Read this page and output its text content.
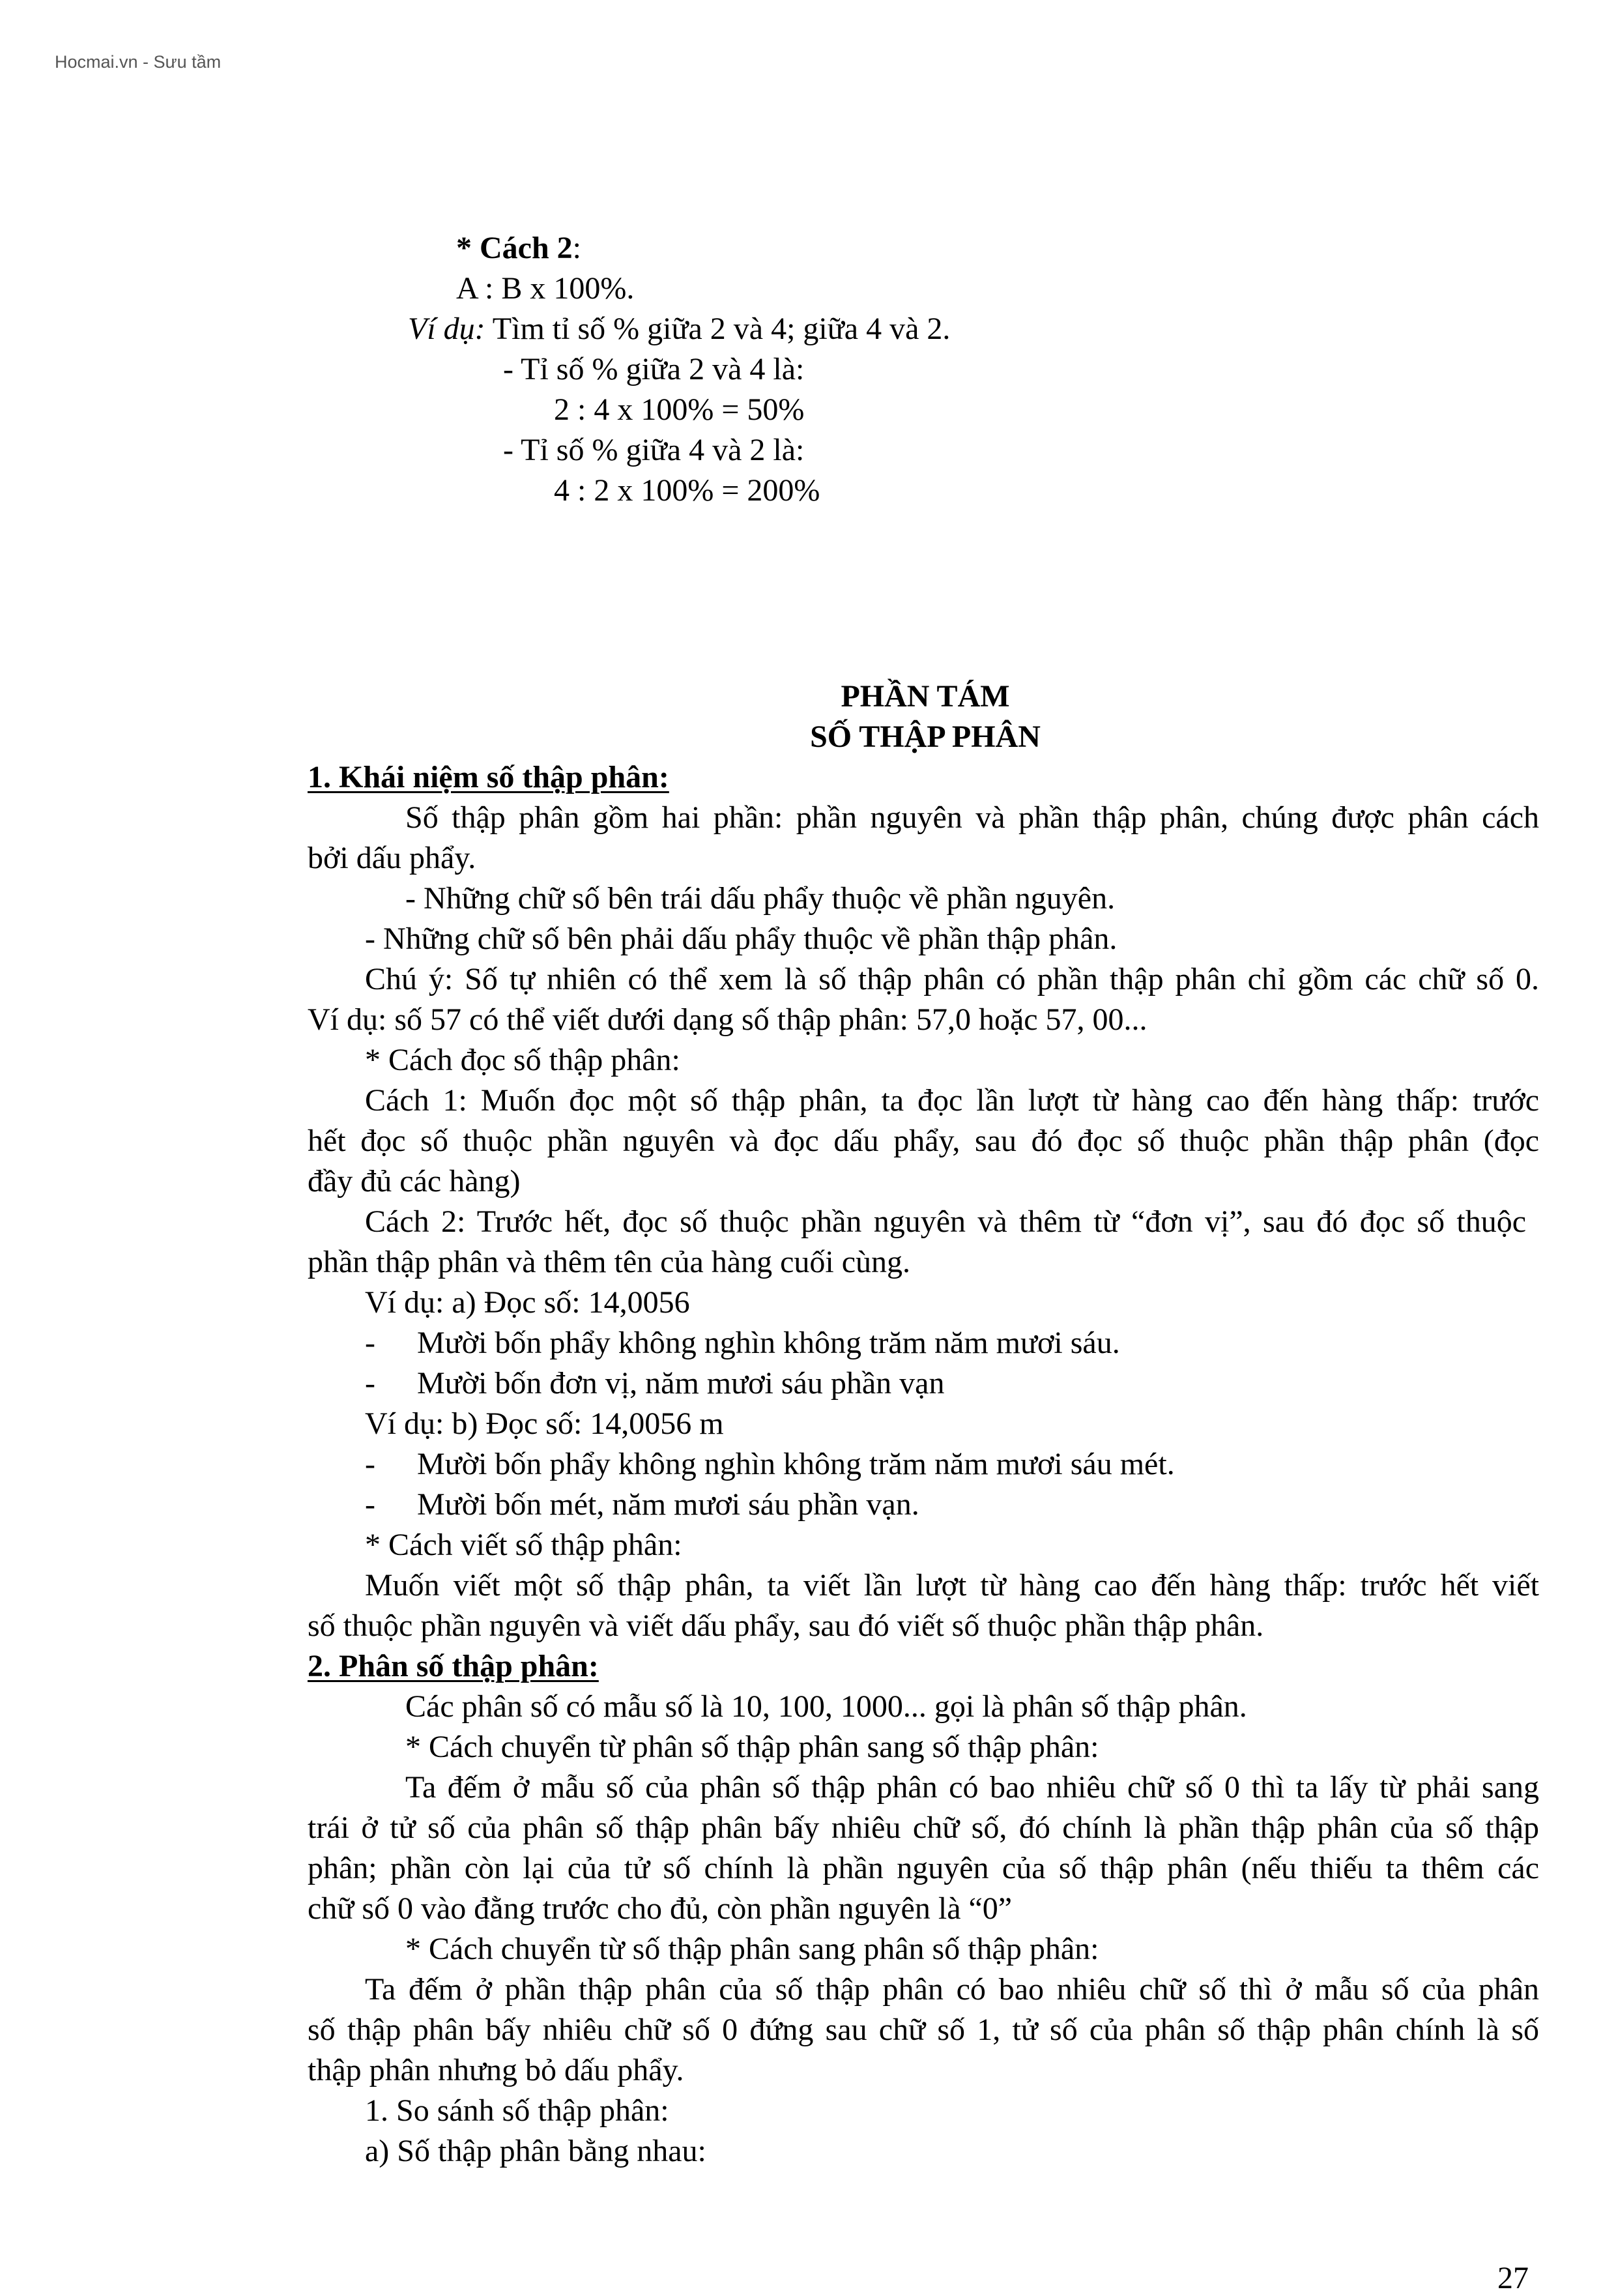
Hocmai.vn - Sưu tầm

* Cách 2:

A : B x 100%.

Ví dụ: Tìm tỉ số % giữa 2 và 4; giữa 4 và 2.

- Tỉ số % giữa 2 và 4 là:

2 : 4 x 100% = 50%

- Tỉ số % giữa 4 và 2 là:

4 : 2 x 100% = 200%

PHẦN TÁM

SỐ THẬP PHÂN

1. Khái niệm số thập phân:

Số thập phân gồm hai phần: phần nguyên và phần thập phân, chúng được phân cách

bởi dấu phẩy.

- Những chữ số bên trái dấu phẩy thuộc về phần nguyên.

- Những chữ số bên phải dấu phẩy thuộc về phần thập phân.

Chú ý: Số tự nhiên có thể xem là số thập phân có phần thập phân chỉ gồm các chữ số 0.

Ví dụ: số 57 có thể viết dưới dạng số thập phân: 57,0 hoặc 57, 00...

* Cách đọc số thập phân:

Cách 1: Muốn đọc một số thập phân, ta đọc lần lượt từ hàng cao đến hàng thấp: trước

hết đọc số thuộc phần nguyên và đọc dấu phẩy, sau đó đọc số thuộc phần thập phân (đọc

đầy đủ các hàng)

Cách 2: Trước hết, đọc số thuộc phần nguyên và thêm từ “đơn vị”, sau đó đọc số thuộc

phần thập phân và thêm tên của hàng cuối cùng.

Ví dụ: a) Đọc số: 14,0056

- Mười bốn phẩy không nghìn không trăm năm mươi sáu.
- Mười bốn đơn vị, năm mươi sáu phần vạn

Ví dụ: b) Đọc số: 14,0056 m

- Mười bốn phẩy không nghìn không trăm năm mươi sáu mét.
- Mười bốn mét, năm mươi sáu phần vạn.

* Cách viết số thập phân:

Muốn viết một số thập phân, ta viết lần lượt từ hàng cao đến hàng thấp: trước hết viết

số thuộc phần nguyên và viết dấu phẩy, sau đó viết số thuộc phần thập phân.

2. Phân số thập phân:

Các phân số có mẫu số là 10, 100, 1000... gọi là phân số thập phân.

* Cách chuyển từ phân số thập phân sang số thập phân:

Ta đếm ở mẫu số của phân số thập phân có bao nhiêu chữ số 0 thì ta lấy từ phải sang

trái ở tử số của phân số thập phân bấy nhiêu chữ số, đó chính là phần thập phân của số thập

phân; phần còn lại của tử số chính là phần nguyên của số thập phân (nếu thiếu ta thêm các

chữ số 0 vào đằng trước cho đủ, còn phần nguyên là “0”

* Cách chuyển từ số thập phân sang phân số thập phân:

Ta đếm ở phần thập phân của số thập phân có bao nhiêu chữ số thì ở mẫu số của phân

số thập phân bấy nhiêu chữ số 0 đứng sau chữ số 1, tử số của phân số thập phân chính là số

thập phân nhưng bỏ dấu phẩy.

1. So sánh số thập phân:

a) Số thập phân bằng nhau:

27
